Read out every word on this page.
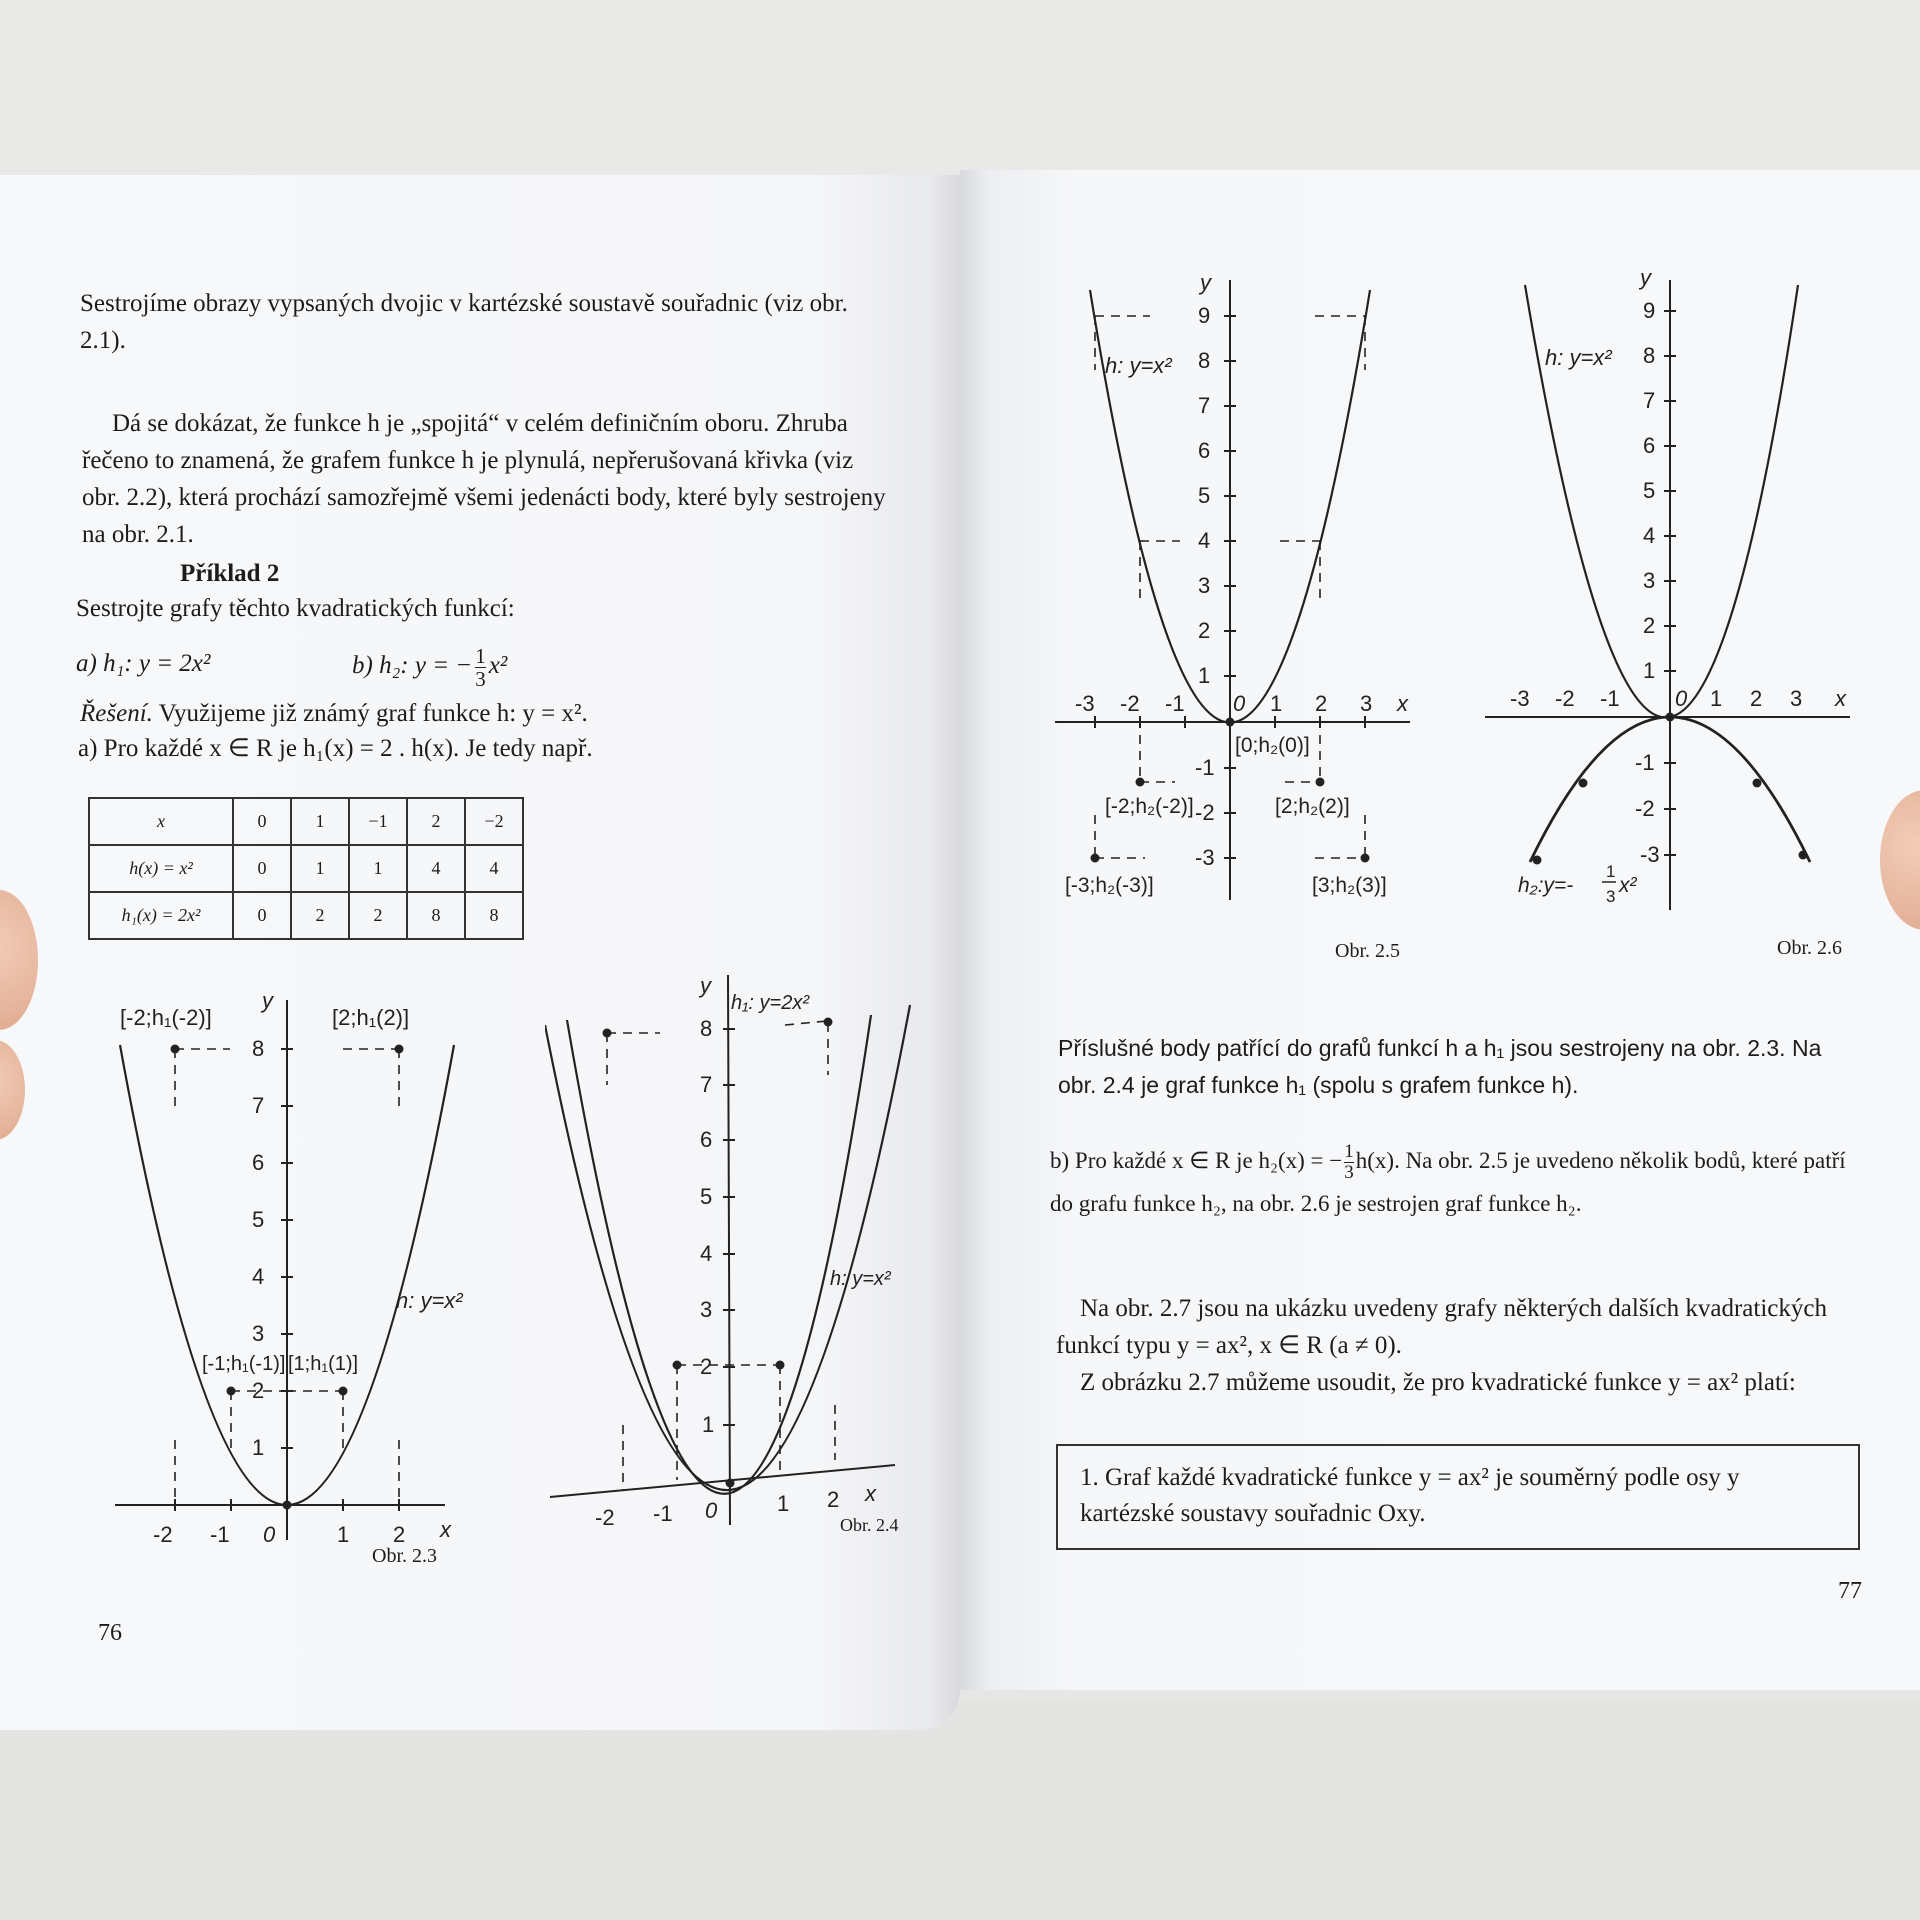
Sestrojíme obrazy vypsaných dvojic v kartézské soustavě souřadnic (viz obr. 2.1).
Dá se dokázat, že funkce h je „spojitá“ v celém definičním oboru. Zhruba řečeno to znamená, že grafem funkce h je plynulá, nepřerušovaná křivka (viz obr. 2.2), která prochází samozřejmě všemi jedenácti body, které byly sestrojeny na obr. 2.1.
Příklad 2
Sestrojte grafy těchto kvadratických funkcí:
a) h₁: y = 2x²	b) h₂: y = − $\frac{1}{3} x^2$
Řešení. Využijeme již známý graf funkce h: y = x².
a) Pro každé x ∈ R je h₁(x) = 2 . h(x). Je tedy např.
x	0	1	−1	2	−2
h(x) = x²	0	1	1	4	4
h₁(x) = 2x²	0	2	2	8	8
1
2
3
4
5
6
7
8
-2 -1 0	1 2 x
y
[-2;h₁(-2)]	[2;h₁(2)]
[-1;h₁(-1)] [1;h₁(1)]
h: y=x²
Obr. 2.3
1
2
3
4
5
6
7
8
-2 -1 0	1 2 x
y
h: y=x²
h₁: y=2x²
Obr. 2.4
76
1
2
3
4
5
6
7
8
9
-1
-2
-3
-3 -2 -1 0 1 2 3 x
y
h: y=x²
[0;h₂(0)]
[-2;h₂(-2)]	[2;h₂(2)]
[-3;h₂(-3)]	[3;h₂(3)]
Obr. 2.5
1
2
3
4
5
6
7
8
9
-1
-2
-3
-3 -2 -1	0 1 2 3 x
y
h: y=x²
h₂:y=-
1
3 x²
Obr. 2.6
Příslušné body patřící do grafů funkcí h a h₁ jsou sestrojeny na obr. 2.3. Na obr. 2.4 je graf funkce h₁ (spolu s grafem funkce h).
b) Pro každé x ∈ R je h₂(x) = − $\frac{1}{3} h(x)$. Na obr. 2.5 je uvedeno několik bodů, které patří do grafu funkce h₂, na obr. 2.6 je sestrojen graf funkce h₂.
Na obr. 2.7 jsou na ukázku uvedeny grafy některých dalších kvadratických funkcí typu y = ax², x ∈ R (a ≠ 0).
Z obrázku 2.7 můžeme usoudit, že pro kvadratické funkce y = ax² platí:
1. Graf každé kvadratické funkce y = ax² je souměrný podle osy y kartézské soustavy souřadnic Oxy.
77
